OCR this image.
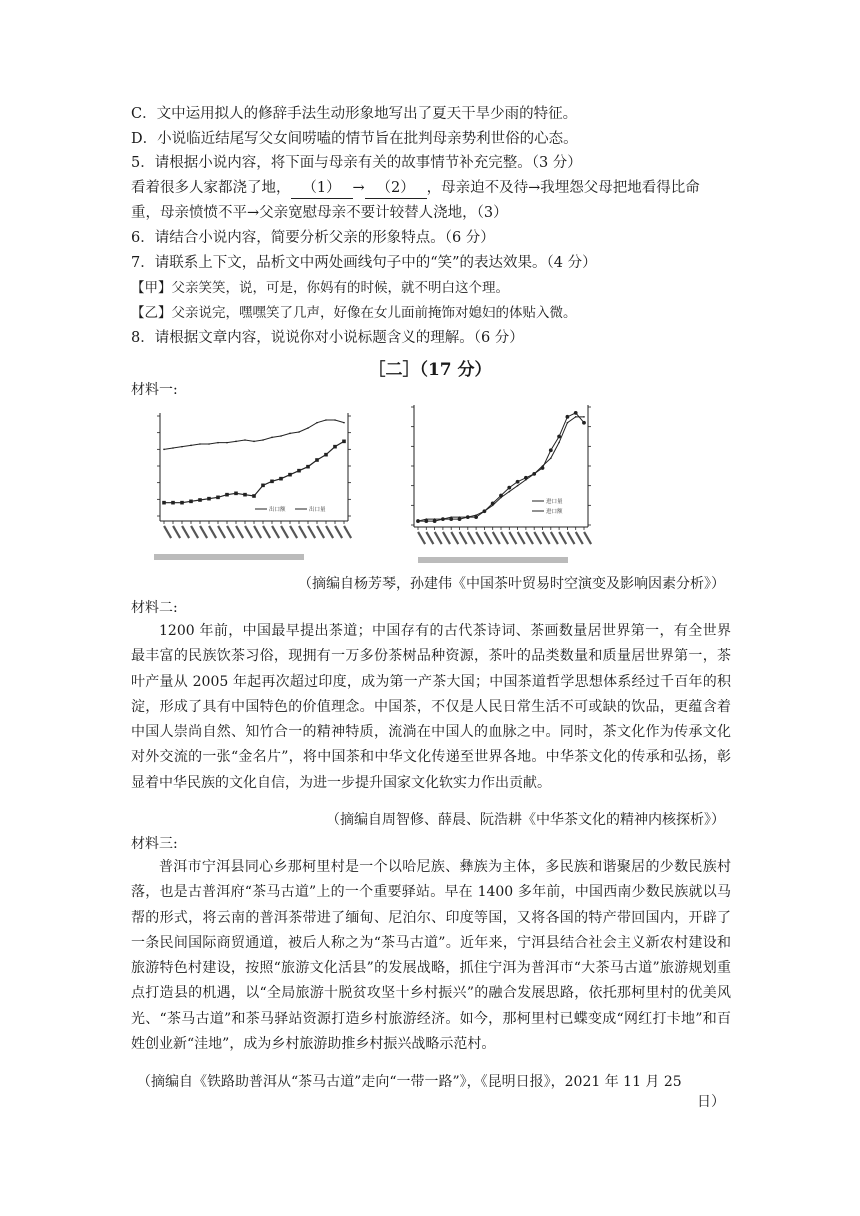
C．文中运用拟人的修辞手法生动形象地写出了夏天干旱少雨的特征。
D．小说临近结尾写父女间唠嗑的情节旨在批判母亲势利世俗的心态。
5．请根据小说内容，将下面与母亲有关的故事情节补充完整。（3 分）
看着很多人家都浇了地， （1） → （2） ，母亲迫不及待→我埋怨父母把地看得比命
重，母亲愤愤不平→父亲宽慰母亲不要计较替人浇地，（3）
6．请结合小说内容，简要分析父亲的形象特点。（6 分）
7．请联系上下文，品析文中两处画线句子中的“笑”的表达效果。（4 分）
【甲】父亲笑笑，说，可是，你妈有的时候，就不明白这个理。
【乙】父亲说完，嘿嘿笑了几声，好像在女儿面前掩饰对媳妇的体贴入微。
8．请根据文章内容，说说你对小说标题含义的理解。（6 分）
［二］（17 分）
材料一:
出口额	出口量
进口量
进口额
（摘编自杨芳琴，孙建伟《中国茶叶贸易时空演变及影响因素分析》）
材料二:
1200 年前，中国最早提出茶道；中国存有的古代茶诗词、茶画数量居世界第一，有全世界最丰富的民族饮茶习俗，现拥有一万多份茶树品种资源，茶叶的品类数量和质量居世界第一，茶叶产量从 2005 年起再次超过印度，成为第一产茶大国；中国茶道哲学思想体系经过千百年的积淀，形成了具有中国特色的价值理念。中国茶，不仅是人民日常生活不可或缺的饮品，更蕴含着中国人崇尚自然、知竹合一的精神特质，流淌在中国人的血脉之中。同时，茶文化作为传承文化对外交流的一张“金名片”，将中国茶和中华文化传递至世界各地。中华茶文化的传承和弘扬，彰显着中华民族的文化自信，为进一步提升国家文化软实力作出贡献。
（摘编自周智修、薛晨、阮浩耕《中华茶文化的精神内核探析》）
材料三:
普洱市宁洱县同心乡那柯里村是一个以哈尼族、彝族为主体，多民族和谐聚居的少数民族村落，也是古普洱府“茶马古道”上的一个重要驿站。早在 1400 多年前，中国西南少数民族就以马帮的形式，将云南的普洱茶带进了缅甸、尼泊尔、印度等国，又将各国的特产带回国内，开辟了一条民间国际商贸通道，被后人称之为“茶马古道”。近年来，宁洱县结合社会主义新农村建设和旅游特色村建设，按照“旅游文化活县”的发展战略，抓住宁洱为普洱市“大茶马古道”旅游规划重点打造县的机遇，以“全局旅游十脱贫攻坚十乡村振兴”的融合发展思路，依托那柯里村的优美风光、“茶马古道”和茶马驿站资源打造乡村旅游经济。如今，那柯里村已蝶变成“网红打卡地”和百姓创业新“洼地”，成为乡村旅游助推乡村振兴战略示范村。
（摘编自《铁路助普洱从“茶马古道”走向“一带一路”》，《昆明日报》，2021 年 11 月 25
日）
